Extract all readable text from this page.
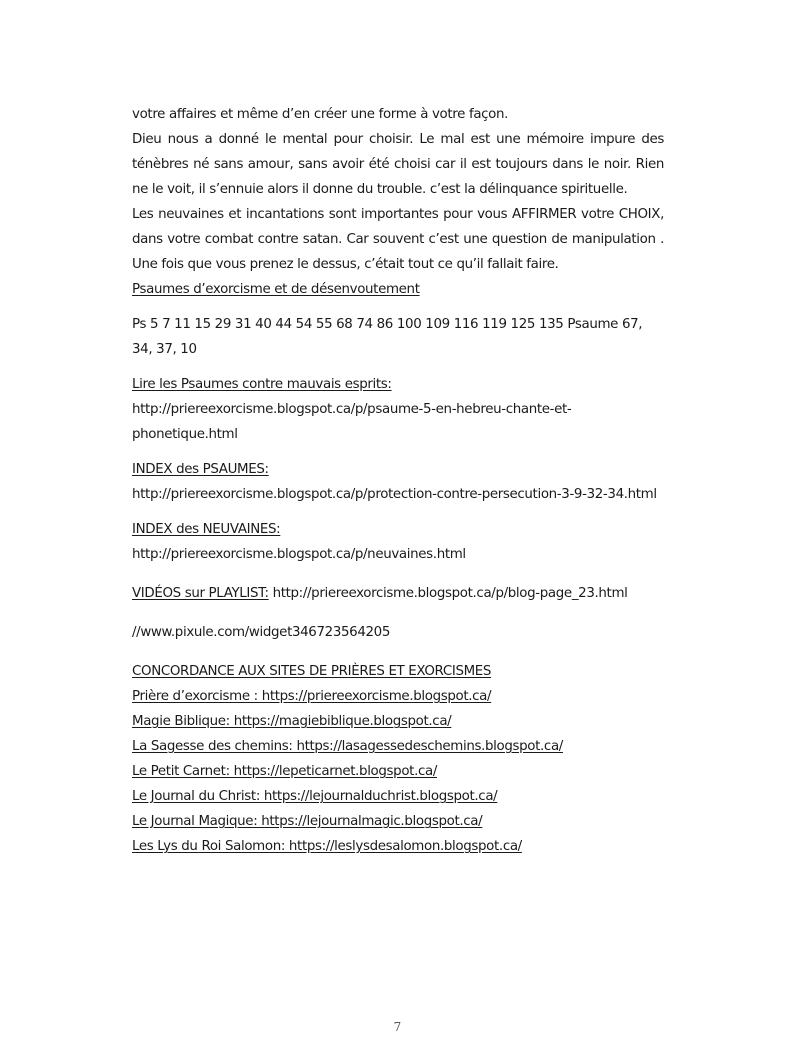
votre affaires et même d’en créer une forme à votre façon.

Dieu nous a donné le mental pour choisir. Le mal est une mémoire impure des ténèbres né sans amour, sans avoir été choisi car il est toujours dans le noir. Rien ne le voit, il s’ennuie alors il donne du trouble. c’est la délinquance spirituelle.

Les neuvaines et incantations sont importantes pour vous AFFIRMER votre CHOIX, dans votre combat contre satan. Car souvent c’est une question de manipulation . Une fois que vous prenez le dessus, c’était tout ce qu’il fallait faire.

Psaumes d’exorcisme et de désenvoutement

Ps 5 7 11 15 29 31 40 44 54 55 68 74 86 100 109 116 119 125 135 Psaume 67, 34, 37, 10

Lire les Psaumes contre mauvais esprits:

http://priereexorcisme.blogspot.ca/p/psaume-5-en-hebreu-chante-et-phonetique.html

INDEX des PSAUMES:

http://priereexorcisme.blogspot.ca/p/protection-contre-persecution-3-9-32-34.html

INDEX des NEUVAINES:

http://priereexorcisme.blogspot.ca/p/neuvaines.html

VIDÉOS sur PLAYLIST: http://priereexorcisme.blogspot.ca/p/blog-page_23.html

//www.pixule.com/widget346723564205

CONCORDANCE AUX SITES DE PRIÈRES ET EXORCISMES

Prière d’exorcisme : https://priereexorcisme.blogspot.ca/

Magie Biblique: https://magiebiblique.blogspot.ca/

La Sagesse des chemins: https://lasagessedeschemins.blogspot.ca/

Le Petit Carnet: https://lepeticarnet.blogspot.ca/

Le Journal du Christ: https://lejournalduchrist.blogspot.ca/

Le Journal Magique: https://lejournalmagic.blogspot.ca/

Les Lys du Roi Salomon: https://leslysdesalomon.blogspot.ca/

7
